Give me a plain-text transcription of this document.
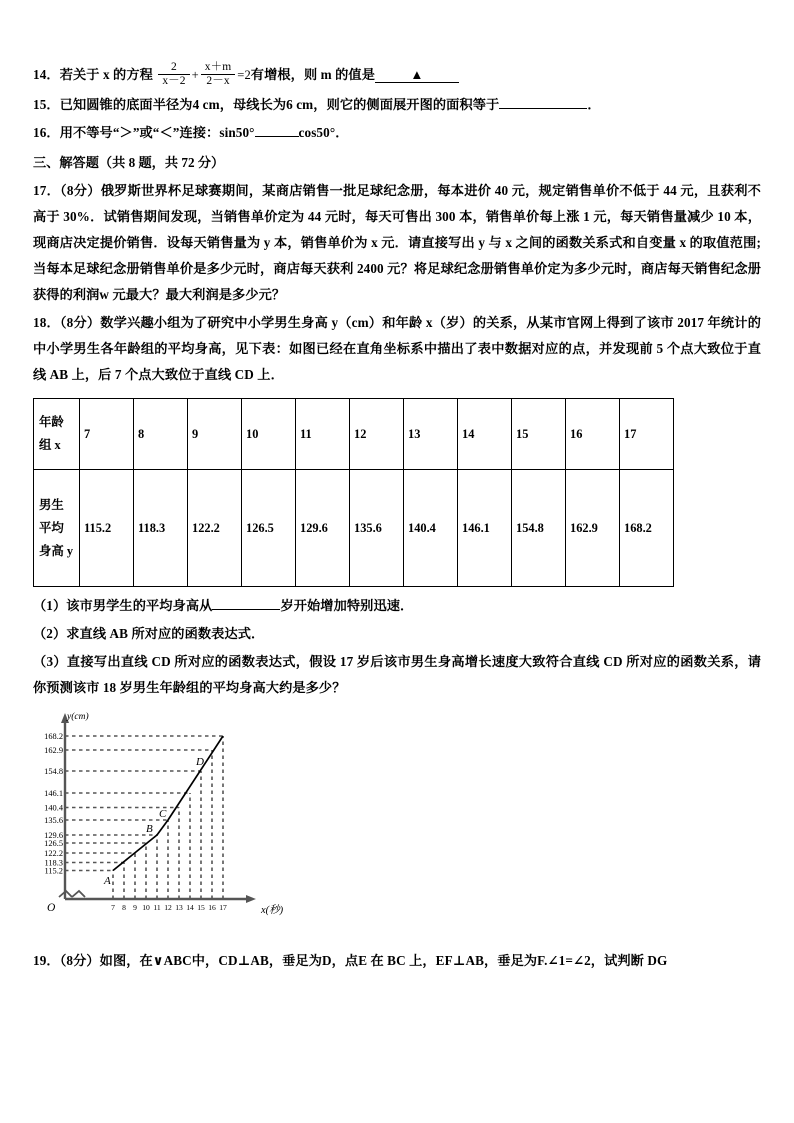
14．若关于 x 的方程 $\frac{2}{x-2} + \frac{x+m}{2-x} =2$有增根，则 m 的值是	▲
15．已知圆锥的底面半径为4 cm，母线长为6 cm，则它的侧面展开图的面积等于	．
16．用不等号“＞”或“＜”连接：sin50°	cos50°．
三、解答题（共 8 题，共 72 分）
17．（8分）俄罗斯世界杯足球赛期间，某商店销售一批足球纪念册，每本进价 40 元，规定销售单价不低于 44 元，且获利不高于 30%．试销售期间发现，当销售单价定为 44 元时，每天可售出 300 本，销售单价每上涨 1 元，每天销售量减少 10 本，现商店决定提价销售．设每天销售量为 y 本，销售单价为 x 元．请直接写出 y 与 x 之间的函数关系式和自变量 x 的取值范围;当每本足球纪念册销售单价是多少元时，商店每天获利 2400 元？将足球纪念册销售单价定为多少元时，商店每天销售纪念册获得的利润w 元最大？最大利润是多少元？
18．（8分）数学兴趣小组为了研究中小学男生身高 y（cm）和年龄 x（岁）的关系，从某市官网上得到了该市 2017 年统计的中小学男生各年龄组的平均身高，见下表：如图已经在直角坐标系中描出了表中数据对应的点，并发现前 5 个点大致位于直线 AB 上，后 7 个点大致位于直线 CD 上．
年龄组 x	7	8	9	10	11	12	13	14	15	16	17
男生平均身高 y	115.2	118.3	122.2	126.5	129.6	135.6	140.4	146.1	154.8	162.9	168.2
（1）该市男学生的平均身高从	岁开始增加特别迅速．
（2）求直线 AB 所对应的函数表达式．
（3）直接写出直线 CD 所对应的函数表达式，假设 17 岁后该市男生身高增长速度大致符合直线 CD 所对应的函数关系，请你预测该市 18 岁男生年龄组的平均身高大约是多少？
A
B
C
D
115.2
118.3
122.2
126.5
129.6
135.6
140.4
146.1
154.8
162.9
168.2
7 8 9 10 11 12 13 14 15 16 17
y(cm)
x(秒)
O
19．（8分）如图，在∨ABC中，CD⊥AB，垂足为D，点E 在 BC 上，EF⊥AB，垂足为F.∠1=∠2，试判断 DG
